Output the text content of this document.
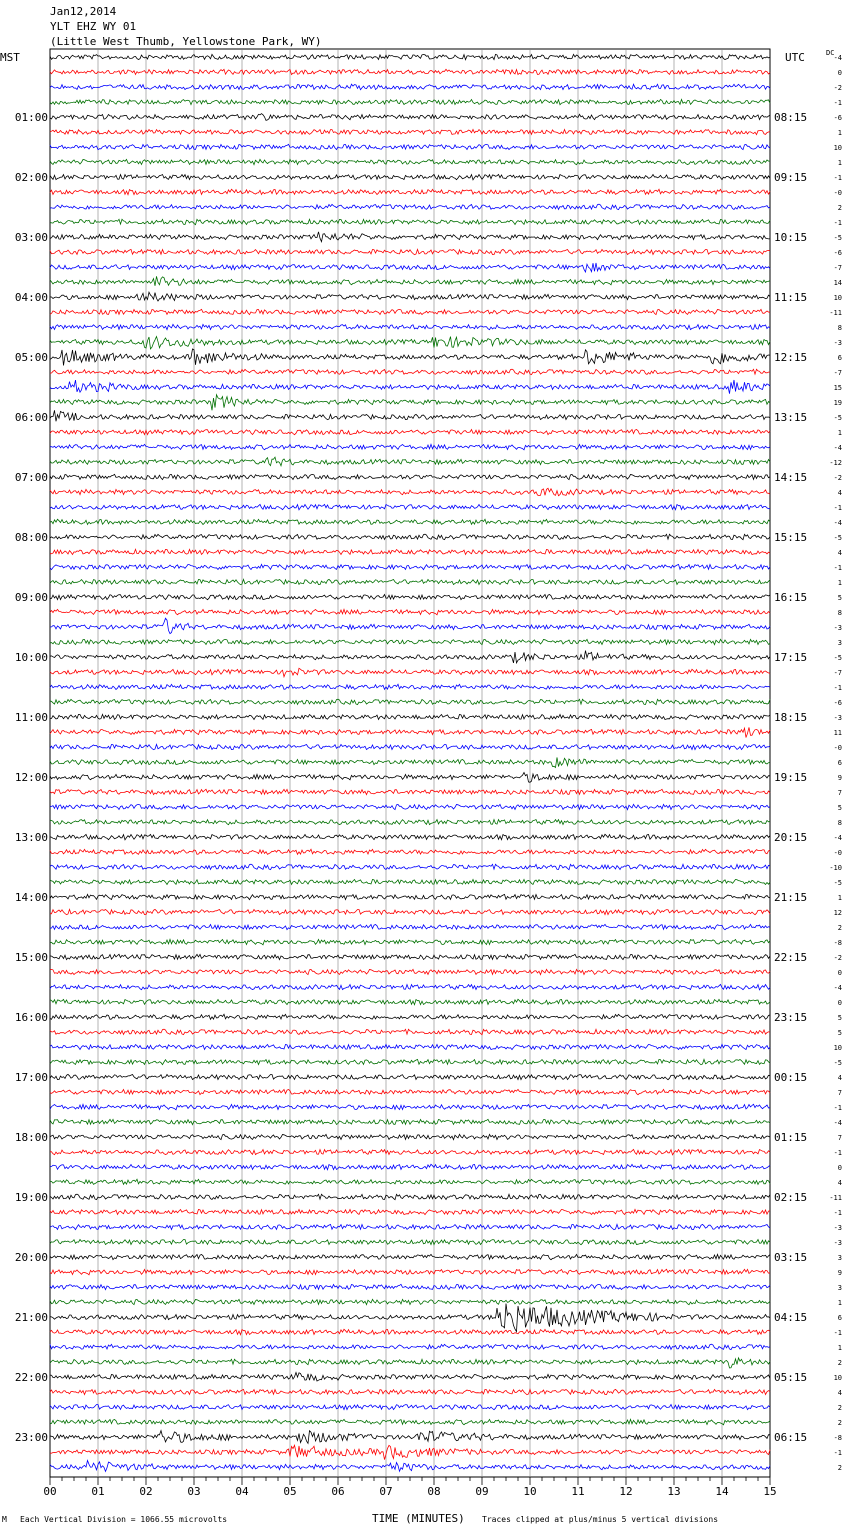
Jan12,2014
YLT EHZ WY 01
(Little West Thumb, Yellowstone Park, WY)
MST	UTC	-4
0
-2
-1
-6
1
10
1
-1
-0
2
-1
-5
-6
-7
14
10
-11
8
-3
6
-7
15
19
-5
1
-4
-12
-2
4
-1
-4
-5
4
-1
1
5
8
-3
3
-5
-7
-1
-6
-3
11
-0
6
9
7
5
8
-4
-0
-10
-5
1
12
2
-8
-2
0
-4
0
5
5
10
-5
4
7
-1
-4
7
-1
0
4
-11
-1
-3
-3
3
9
3
1
6
-1
1
2
10
4
2
2
-8
-1
2
DC
01:00
02:00
03:00
04:00
05:00
06:00
07:00
08:00
09:00
10:00
11:00
12:00
13:00
14:00
15:00
16:00
17:00
18:00
19:00
20:00
21:00
22:00
23:00
08:15
09:15
10:15
11:15
12:15
13:15
14:15
15:15
16:15
17:15
18:15
19:15
20:15
21:15
22:15
23:15
00:15
01:15
02:15
03:15
04:15
05:15
06:15
00	01	02	03	04	05	06	07	08	09	10	11	12	13	14	15
M Each Vertical Division = 1066.55 microvolts	TIME (MINUTES) Traces clipped at plus/minus 5 vertical divisions
